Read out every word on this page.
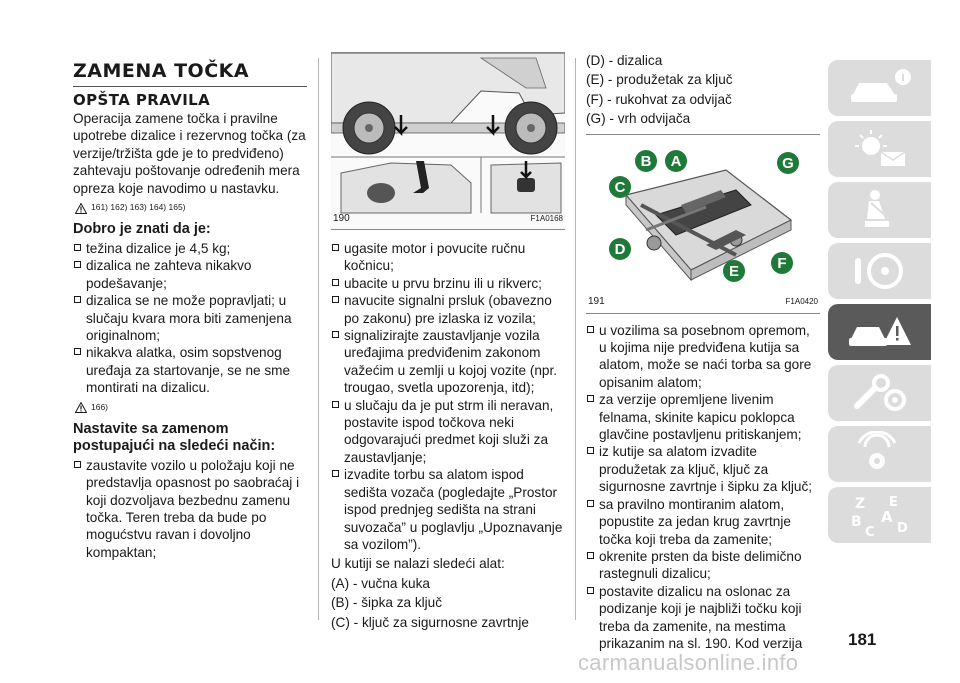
ZAMENA TOČKA
OPŠTA PRAVILA

Operacija zamene točka i pravilne upotrebe dizalice i rezervnog točka (za verzije/tržišta gde je to predviđeno) zahtevaju poštovanje određenih mera opreza koje navodimo u nastavku.

161) 162) 163) 164) 165)
Dobro je znati da je:

težina dizalice je 4,5 kg;

dizalica ne zahteva nikakvo podešavanje;

dizalica se ne može popravljati; u slučaju kvara mora biti zamenjena originalnom;

nikakva alatka, osim sopstvenog uređaja za startovanje, se ne sme montirati na dizalicu.

166)
Nastavite sa zamenom postupajući na sledeći način:

zaustavite vozilo u položaju koji ne predstavlja opasnost po saobraćaj i koji dozvoljava bezbednu zamenu točka. Teren treba da bude po mogućstvu ravan i dovoljno kompaktan;

190	F1A0168

ugasite motor i povucite ručnu kočnicu;

ubacite u prvu brzinu ili u rikverc;

navucite signalni prsluk (obavezno po zakonu) pre izlaska iz vozila;

signalizirajte zaustavljanje vozila uređajima predviđenim zakonom važećim u zemlji u kojoj vozite (npr. trougao, svetla upozorenja, itd);

u slučaju da je put strm ili neravan, postavite ispod točkova neki odgovarajući predmet koji služi za zaustavljanje;

izvadite torbu sa alatom ispod sedišta vozača (pogledajte „Prostor ispod prednjeg sedišta na strani suvozača” u poglavlju „Upoznavanje sa vozilom”).

U kutiji se nalazi sledeći alat:

(A) - vučna kuka

(B) - šipka za ključ

(C) - ključ za sigurnosne zavrtnje

(D) - dizalica

(E) - produžetak za ključ

(F) - rukohvat za odvijač

(G) - vrh odvijača

A
B
C
D
E	F
G
191	F1A0420

u vozilima sa posebnom opremom, u kojima nije predviđena kutija sa alatom, može se naći torba sa gore opisanim alatom;

za verzije opremljene livenim felnama, skinite kapicu poklopca glavčine postavljenu pritiskanjem;

iz kutije sa alatom izvadite produžetak za ključ, ključ za sigurnosne zavrtnje i šipku za ključ;

sa pravilno montiranim alatom, popustite za jedan krug zavrtnje točka koji treba da zamenite;

okrenite prsten da biste delimično rastegnuli dizalicu;

postavite dizalicu na oslonac za podizanje koji je najbliži točku koji treba da zamenite, na mestima prikazanim na sl. 190. Kod verzija

Z E
B A
C D
181
carmanualsonline.info
